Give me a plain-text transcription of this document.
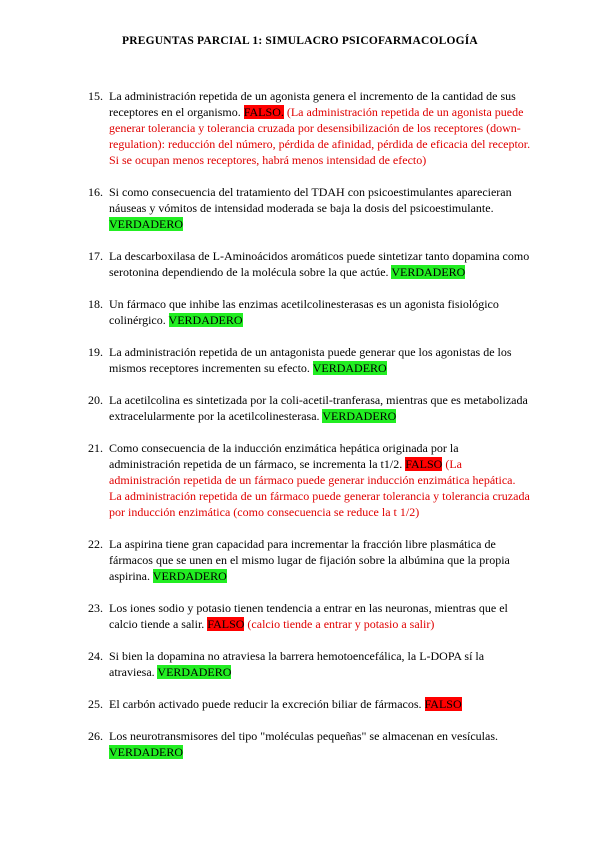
PREGUNTAS PARCIAL 1: SIMULACRO PSICOFARMACOLOGÍA
15. La administración repetida de un agonista genera el incremento de la cantidad de sus receptores en el organismo. FALSO. (La administración repetida de un agonista puede generar tolerancia y tolerancia cruzada por desensibilización de los receptores (down-regulation): reducción del número, pérdida de afinidad, pérdida de eficacia del receptor. Si se ocupan menos receptores, habrá menos intensidad de efecto)
16. Si como consecuencia del tratamiento del TDAH con psicoestimulantes aparecieran náuseas y vómitos de intensidad moderada se baja la dosis del psicoestimulante. VERDADERO
17. La descarboxilasa de L-Aminoácidos aromáticos puede sintetizar tanto dopamina como serotonina dependiendo de la molécula sobre la que actúe. VERDADERO
18. Un fármaco que inhibe las enzimas acetilcolinesterasas es un agonista fisiológico colinérgico. VERDADERO
19. La administración repetida de un antagonista puede generar que los agonistas de los mismos receptores incrementen su efecto. VERDADERO
20. La acetilcolina es sintetizada por la coli-acetil-tranferasa, mientras que es metabolizada extracelularmente por la acetilcolinesterasa. VERDADERO
21. Como consecuencia de la inducción enzimática hepática originada por la administración repetida de un fármaco, se incrementa la t1/2. FALSO (La administración repetida de un fármaco puede generar inducción enzimática hepática. La administración repetida de un fármaco puede generar tolerancia y tolerancia cruzada por inducción enzimática (como consecuencia se reduce la t 1/2)
22. La aspirina tiene gran capacidad para incrementar la fracción libre plasmática de fármacos que se unen en el mismo lugar de fijación sobre la albúmina que la propia aspirina. VERDADERO
23. Los iones sodio y potasio tienen tendencia a entrar en las neuronas, mientras que el calcio tiende a salir. FALSO (calcio tiende a entrar y potasio a salir)
24. Si bien la dopamina no atraviesa la barrera hemotoencefálica, la L-DOPA sí la atraviesa. VERDADERO
25. El carbón activado puede reducir la excreción biliar de fármacos. FALSO
26. Los neurotransmisores del tipo "moléculas pequeñas" se almacenan en vesículas. VERDADERO
